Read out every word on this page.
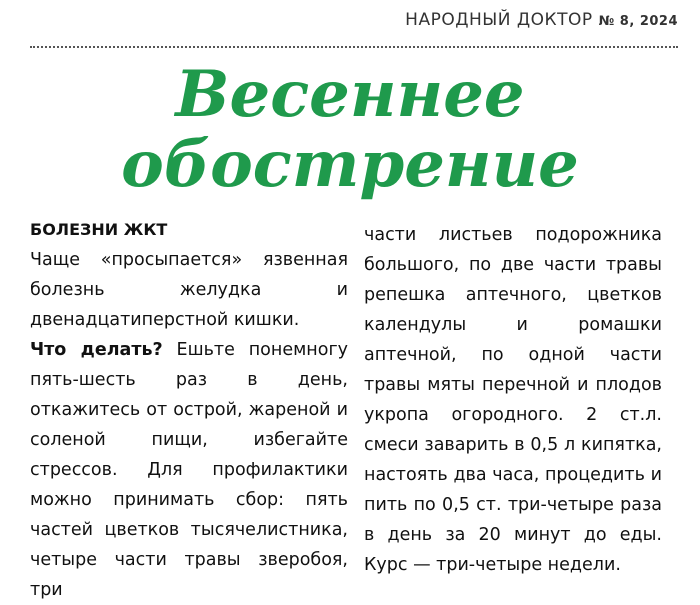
НАРОДНЫЙ ДОКТОР № 8, 2024
Весеннее
обострение
БОЛЕЗНИ ЖКТ

Чаще «просыпается» язвенная болезнь желудка и двенадцатиперстной кишки.

Что делать? Ешьте понемногу пять-шесть раз в день, откажитесь от острой, жареной и соленой пищи, избегайте стрессов. Для профилактики можно принимать сбор: пять частей цветков тысячелистника, четыре части травы зверобоя, три

части листьев подорожника большого, по две части травы репешка аптечного, цветков календулы и ромашки аптечной, по одной части травы мяты перечной и плодов укропа огородного. 2 ст.л. смеси заварить в 0,5 л кипятка, настоять два часа, процедить и пить по 0,5 ст. три-четыре раза в день за 20 минут до еды. Курс — три-четыре недели.
